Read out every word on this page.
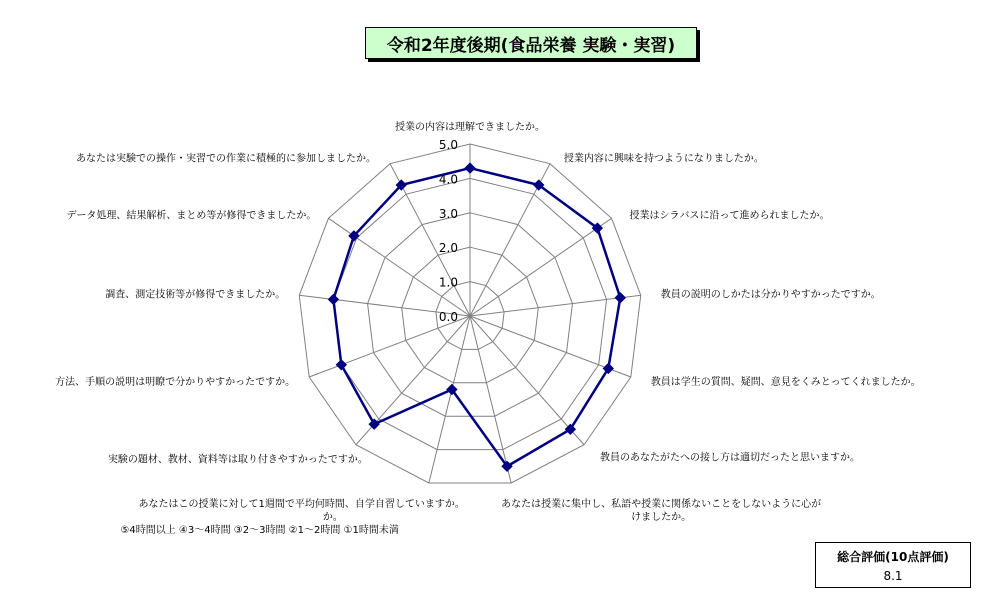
令和2年度後期(食品栄養 実験・実習)
0.0
1.0
2.0
3.0
4.0
5.0
授業の内容は理解できましたか。
授業内容に興味を持つようになりましたか。
授業はシラバスに沿って進められましたか。
教員の説明のしかたは分かりやすかったですか。
教員は学生の質問、疑問、意見をくみとってくれましたか。
教員のあなたがたへの接し方は適切だったと思いますか。
あなたは授業に集中し、私語や授業に関係ないことをしないように心が
けましたか。
あなたはこの授業に対して1週間で平均何時間、自学自習していますか。
か。
⑤4時間以上 ④3～4時間 ③2～3時間 ②1～2時間 ①1時間未満
実験の題材、教材、資料等は取り付きやすかったですか。
方法、手順の説明は明瞭で分かりやすかったですか。
調査、測定技術等が修得できましたか。
データ処理、結果解析、まとめ等が修得できましたか。
あなたは実験での操作・実習での作業に積極的に参加しましたか。
総合評価(10点評価)
8.1
